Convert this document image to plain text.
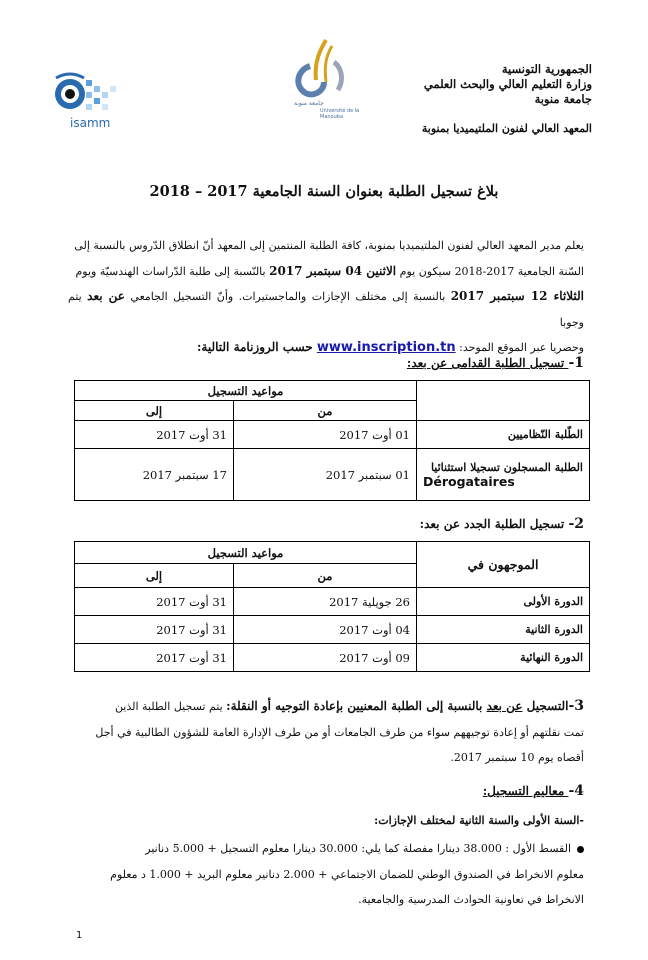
isamm
جامعة منوبة
Université de la Manouba
الجمهورية التونسية
وزارة التعليم العالي والبحث العلمي
جامعة منوبة
المعهد العالي لفنون الملتيميديا بمنوبة
بلاغ تسجيل الطلبة بعنوان السنة الجامعية 2017 – 2018
يعلم مدير المعهد العالي لفنون الملتيميديا بمنوبة، كافة الطلبة المنتمين إلى المعهد أنّ انطلاق الدّروس بالنسبة إلى
السّنة الجامعية 2017-2018 سيكون يوم الاثنين 04 سبتمبر 2017 بالنّسبة إلى طلبة الدّراسات الهندسيّة ويوم
الثلاثاء 12 سبتمبر 2017 بالنسبة إلى مختلف الإجازات والماجستيرات. وأنّ التسجيل الجامعي عن بعد يتم وجوبا
وحصريا عبر الموقع الموحد: www.inscription.tn حسب الروزنامة التالية:
1- تسجيل الطلبة القدامى عن بعد:
	مواعيد التسجيل	
	من	إلى
الطّلبة النّظاميين	01 أوت 2017	31 أوت 2017
الطلبة المسجلون تسجيلا استثنائيا
Dérogataires	01 سبتمبر 2017	17 سبتمبر 2017
2- تسجيل الطلبة الجدد عن بعد:
الموجهون في	مواعيد التسجيل	
	من	إلى
الدورة الأولى	26 جويلية 2017	31 أوت 2017
الدورة الثانية	04 أوت 2017	31 أوت 2017
الدورة النهائية	09 أوت 2017	31 أوت 2017
3-التسجيل عن بعد بالنسبة إلى الطلبة المعنيين بإعادة التوجيه أو النقلة: يتم تسجيل الطلبة الذين
تمت نقلتهم أو إعادة توجيههم سواء من طرف الجامعات أو من طرف الإدارة العامة للشؤون الطالبية في أجل
أقصاه يوم 10 سبتمبر 2017.
4- معاليم التسجيل:
-السنة الأولى والسنة الثانية لمختلف الإجازات:
القسط الأول : 38.000 دينارا مفصلة كما يلي: 30.000 دينارا معلوم التسجيل + 5.000 دنانير
معلوم الانخراط في الصندوق الوطني للضمان الاجتماعي + 2.000 دنانير معلوم البريد + 1.000 د معلوم
الانخراط في تعاونية الحوادث المدرسية والجامعية.
1
